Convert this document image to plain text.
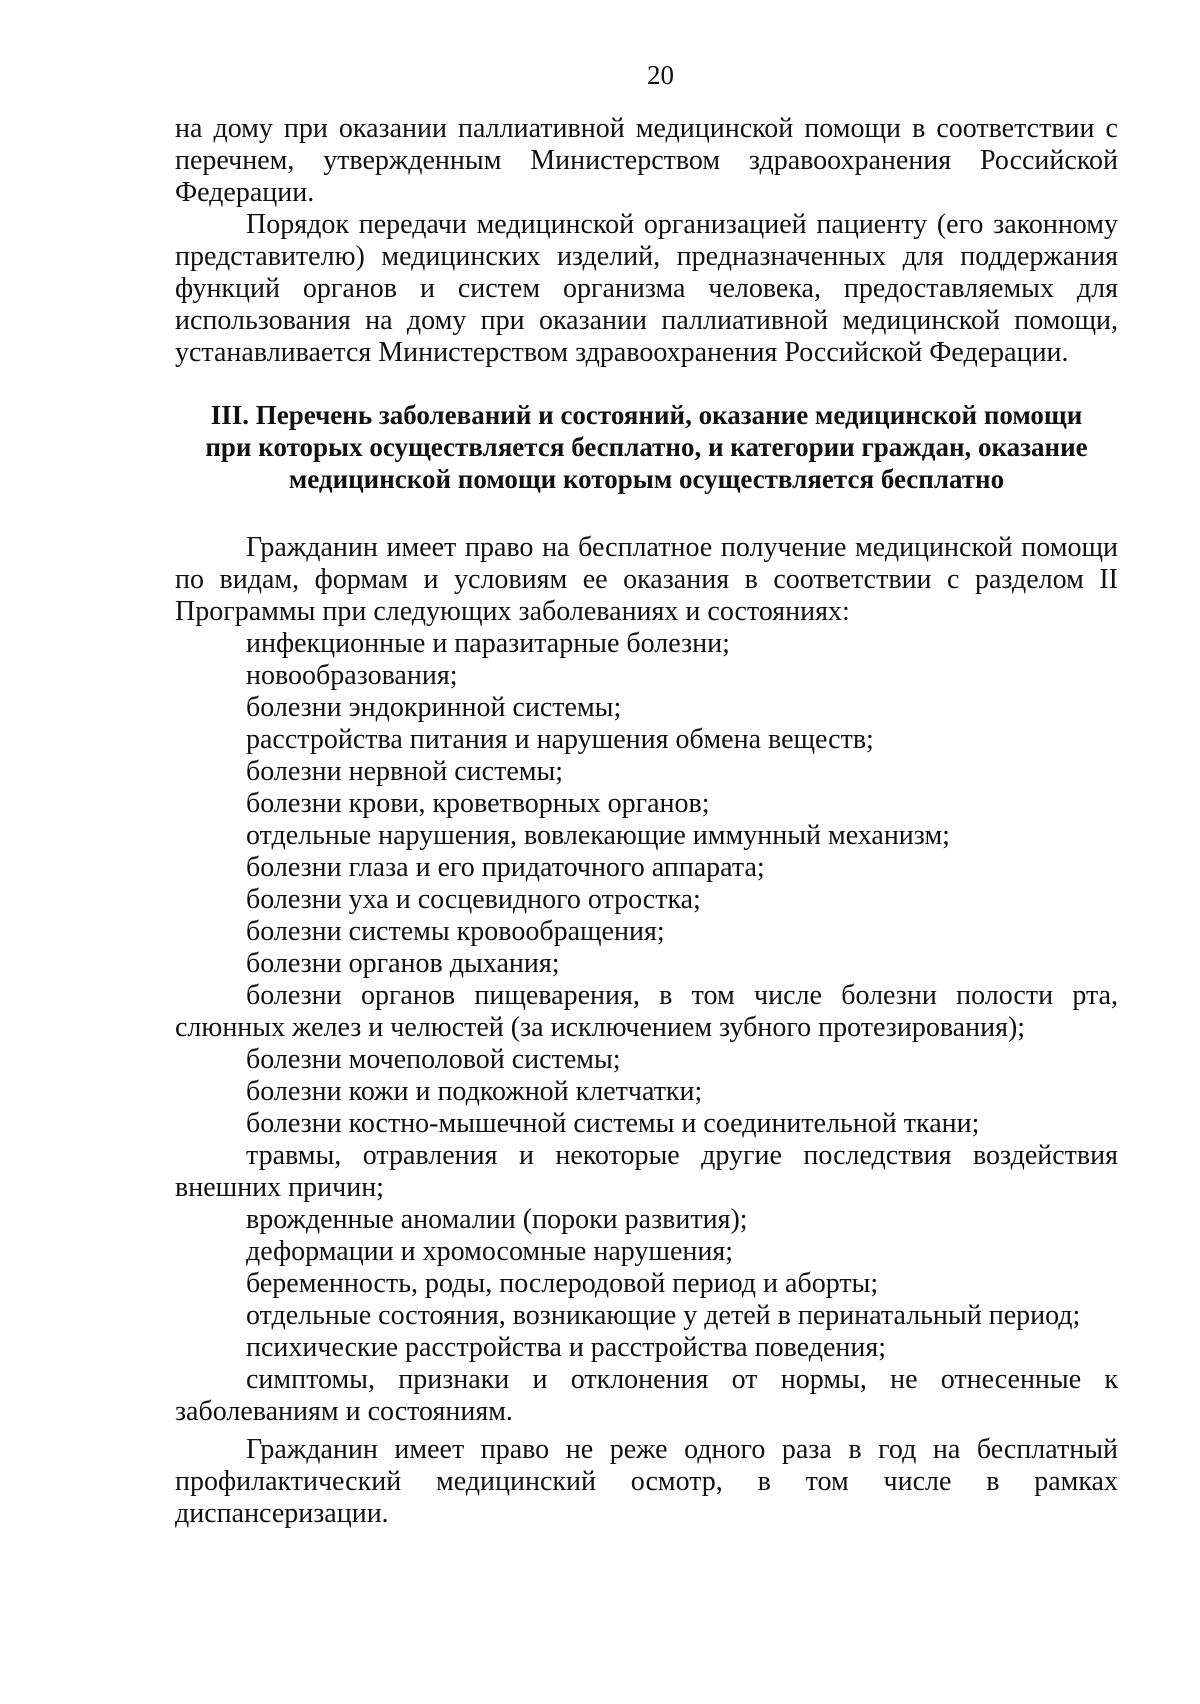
20

на дому при оказании паллиативной медицинской помощи в соответствии с перечнем, утвержденным Министерством здравоохранения Российской Федерации.

Порядок передачи медицинской организацией пациенту (его законному представителю) медицинских изделий, предназначенных для поддержания функций органов и систем организма человека, предоставляемых для использования на дому при оказании паллиативной медицинской помощи, устанавливается Министерством здравоохранения Российской Федерации.

III. Перечень заболеваний и состояний, оказание медицинской помощи
при которых осуществляется бесплатно, и категории граждан, оказание
медицинской помощи которым осуществляется бесплатно

Гражданин имеет право на бесплатное получение медицинской помощи по видам, формам и условиям ее оказания в соответствии с разделом II Программы при следующих заболеваниях и состояниях:

инфекционные и паразитарные болезни;
новообразования;
болезни эндокринной системы;
расстройства питания и нарушения обмена веществ;
болезни нервной системы;
болезни крови, кроветворных органов;
отдельные нарушения, вовлекающие иммунный механизм;
болезни глаза и его придаточного аппарата;
болезни уха и сосцевидного отростка;
болезни системы кровообращения;
болезни органов дыхания;
болезни органов пищеварения, в том числе болезни полости рта, слюнных желез и челюстей (за исключением зубного протезирования);
болезни мочеполовой системы;
болезни кожи и подкожной клетчатки;
болезни костно-мышечной системы и соединительной ткани;
травмы, отравления и некоторые другие последствия воздействия внешних причин;
врожденные аномалии (пороки развития);
деформации и хромосомные нарушения;
беременность, роды, послеродовой период и аборты;
отдельные состояния, возникающие у детей в перинатальный период;
психические расстройства и расстройства поведения;
симптомы, признаки и отклонения от нормы, не отнесенные к заболеваниям и состояниям.

Гражданин имеет право не реже одного раза в год на бесплатный профилактический медицинский осмотр, в том числе в рамках диспансеризации.
